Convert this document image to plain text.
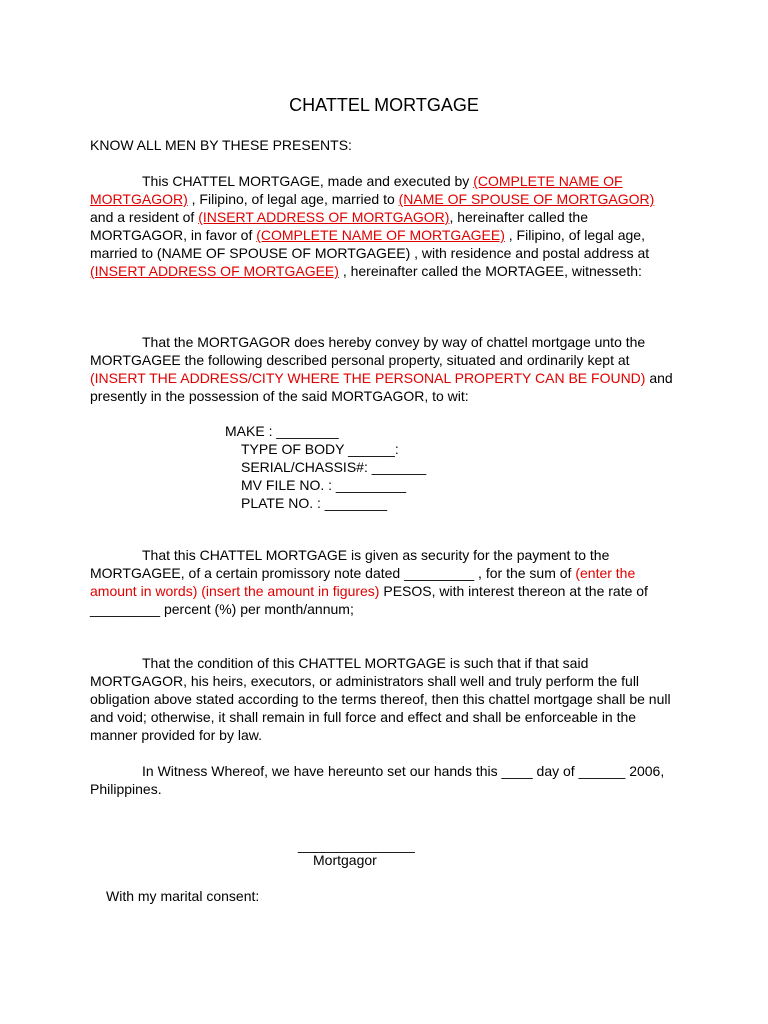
CHATTEL MORTGAGE
KNOW ALL MEN BY THESE PRESENTS:

This CHATTEL MORTGAGE, made and executed by (COMPLETE NAME OF MORTGAGOR) , Filipino, of legal age, married to (NAME OF SPOUSE OF MORTGAGOR) and a resident of (INSERT ADDRESS OF MORTGAGOR), hereinafter called the MORTGAGOR, in favor of (COMPLETE NAME OF MORTGAGEE) , Filipino, of legal age, married to (NAME OF SPOUSE OF MORTGAGEE) , with residence and postal address at (INSERT ADDRESS OF MORTGAGEE) , hereinafter called the MORTAGEE, witnesseth:

That the MORTGAGOR does hereby convey by way of chattel mortgage unto the MORTGAGEE the following described personal property, situated and ordinarily kept at (INSERT THE ADDRESS/CITY WHERE THE PERSONAL PROPERTY CAN BE FOUND) and presently in the possession of the said MORTGAGOR, to wit:

MAKE : ________
TYPE OF BODY ______:
SERIAL/CHASSIS#: _______
MV FILE NO. : _________
PLATE NO. : ________

That this CHATTEL MORTGAGE is given as security for the payment to the MORTGAGEE, of a certain promissory note dated _________ , for the sum of (enter the amount in words) (insert the amount in figures) PESOS, with interest thereon at the rate of _________ percent (%) per month/annum;

That the condition of this CHATTEL MORTGAGE is such that if that said MORTGAGOR, his heirs, executors, or administrators shall well and truly perform the full obligation above stated according to the terms thereof, then this chattel mortgage shall be null and void; otherwise, it shall remain in full force and effect and shall be enforceable in the manner provided for by law.

In Witness Whereof, we have hereunto set our hands this ____ day of ______ 2006, Philippines.

_______________
Mortgagor
With my marital consent:
